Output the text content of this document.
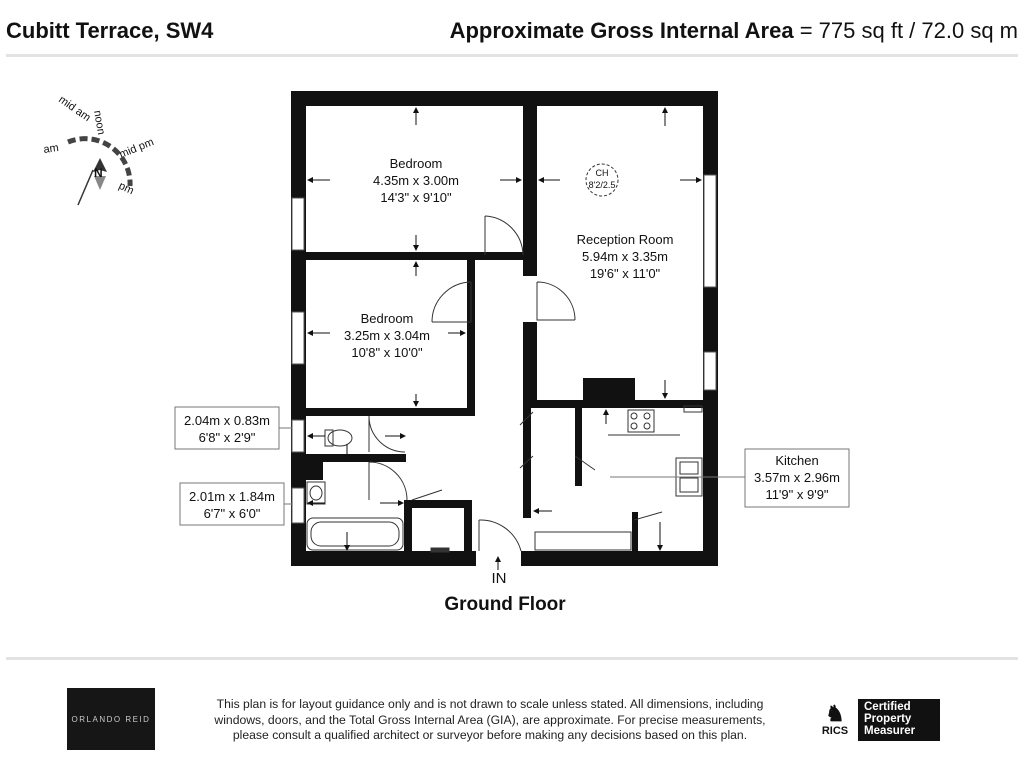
Cubitt Terrace, SW4	Approximate Gross Internal Area = 775 sq ft / 72.0 sq m
N
mid am
noon
mid pm
am
pm
Bedroom
4.35m x 3.00m
14'3" x 9'10"
Bedroom
3.25m x 3.04m
10'8" x 10'0"
Reception Room
5.94m x 3.35m
19'6" x 11'0"
CH
8'2/2.5
2.04m x 0.83m
6'8" x 2'9"
2.01m x 1.84m
6'7" x 6'0"
Kitchen
3.57m x 2.96m
11'9" x 9'9"
IN
Ground Floor
ORLANDO REID
This plan is for layout guidance only and is not drawn to scale unless stated. All dimensions, including windows, doors, and the Total Gross Internal Area (GIA), are approximate. For precise measurements, please consult a qualified architect or surveyor before making any decisions based on this plan.
♞
RICS
Certified
Property
Measurer
